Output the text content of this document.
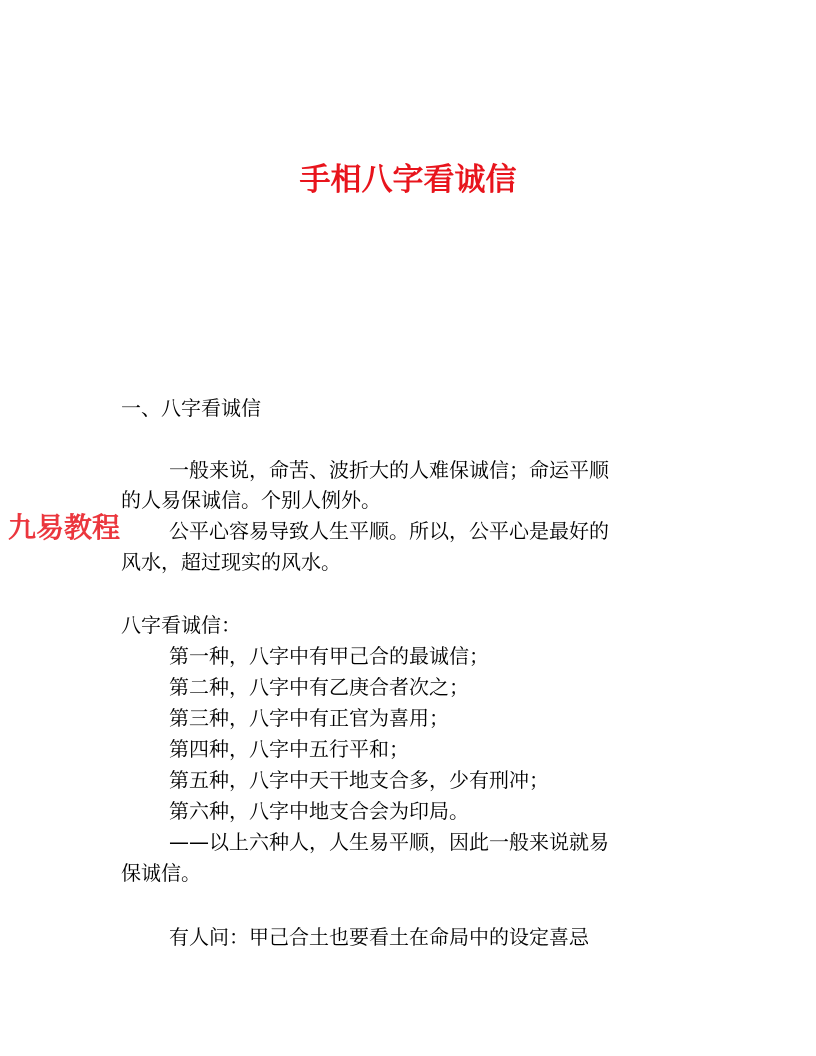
手相八字看诚信
九易教程
一、八字看诚信
一般来说，命苦、波折大的人难保诚信；命运平顺
的人易保诚信。个别人例外。
公平心容易导致人生平顺。所以，公平心是最好的
风水，超过现实的风水。
八字看诚信：
第一种，八字中有甲己合的最诚信；
第二种，八字中有乙庚合者次之；
第三种，八字中有正官为喜用；
第四种，八字中五行平和；
第五种，八字中天干地支合多，少有刑冲；
第六种，八字中地支合会为印局。
——以上六种人，人生易平顺，因此一般来说就易
保诚信。
有人问：甲己合土也要看土在命局中的设定喜忌
